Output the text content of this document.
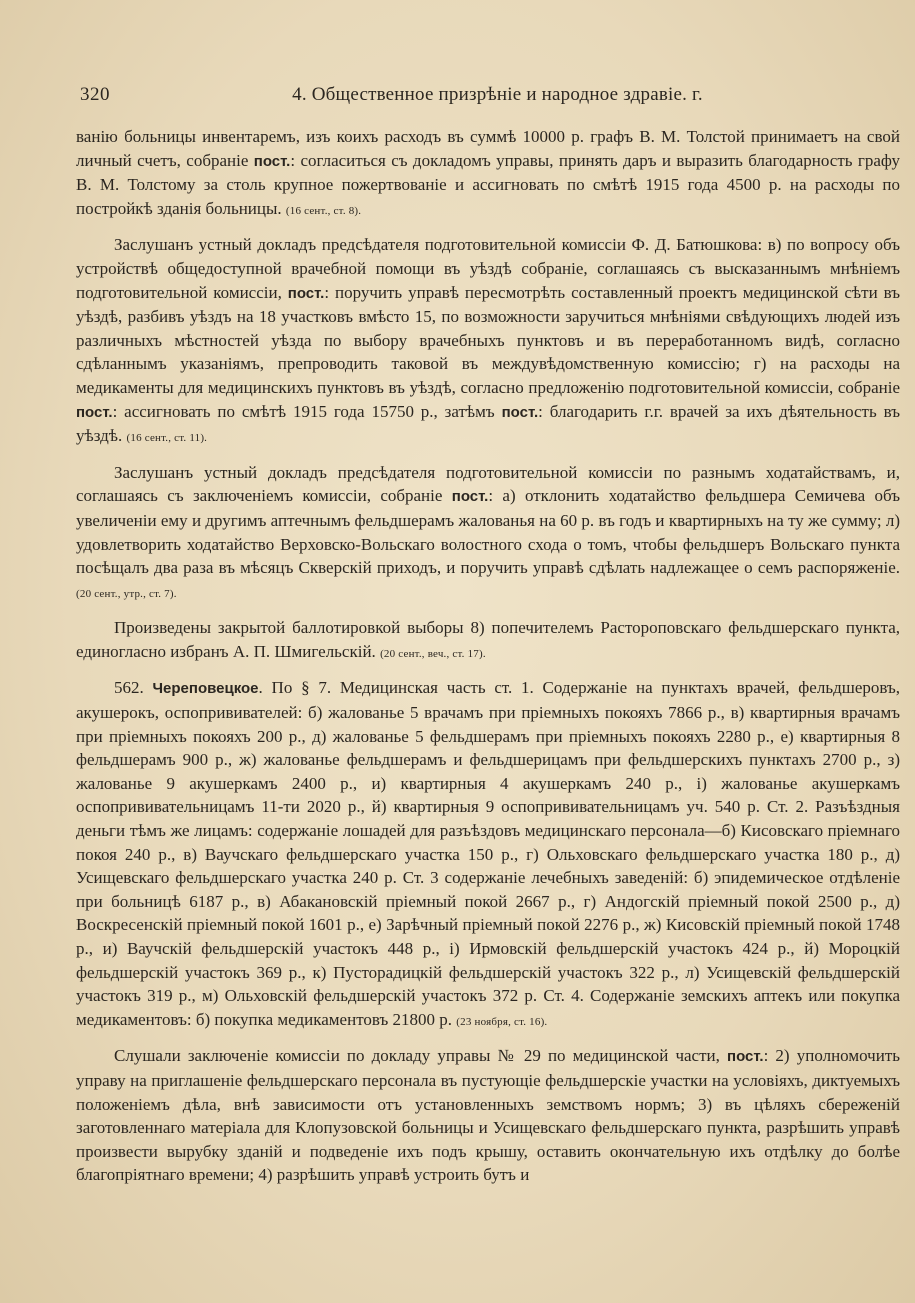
320	4. Общественное призрѣніе и народное здравіе. г.

ванію больницы инвентаремъ, изъ коихъ расходъ въ суммѣ 10000 р. графъ В. М. Толстой принимаетъ на свой личный счетъ, собраніе пост.: согласиться съ докладомъ управы, принять даръ и выразить благодарность графу В. М. Толстому за столь крупное пожертвованіе и ассигновать по смѣтѣ 1915 года 4500 р. на расходы по постройкѣ зданія больницы. (16 сент., ст. 8).

Заслушанъ устный докладъ предсѣдателя подготовительной комиссіи Ф. Д. Батюшкова: в) по вопросу объ устройствѣ общедоступной врачебной помощи въ уѣздѣ собраніе, соглашаясь съ высказаннымъ мнѣніемъ подготовительной комиссіи, пост.: поручить управѣ пересмотрѣть составленный проектъ медицинской сѣти въ уѣздѣ, разбивъ уѣздъ на 18 участковъ вмѣсто 15, по возможности заручиться мнѣніями свѣдующихъ людей изъ различныхъ мѣстностей уѣзда по выбору врачебныхъ пунктовъ и въ переработанномъ видѣ, согласно сдѣланнымъ указаніямъ, препроводить таковой въ междувѣдомственную комиссію; г) на расходы на медикаменты для медицинскихъ пунктовъ въ уѣздѣ, согласно предложенію подготовительной комиссіи, собраніе пост.: ассигновать по смѣтѣ 1915 года 15750 р., затѣмъ пост.: благодарить г.г. врачей за ихъ дѣятельность въ уѣздѣ. (16 сент., ст. 11).

Заслушанъ устный докладъ предсѣдателя подготовительной комиссіи по разнымъ ходатайствамъ, и, соглашаясь съ заключеніемъ комиссіи, собраніе пост.: а) отклонить ходатайство фельдшера Семичева объ увеличеніи ему и другимъ аптечнымъ фельдшерамъ жалованья на 60 р. въ годъ и квартирныхъ на ту же сумму; л) удовлетворить ходатайство Верховско-Вольскаго волостного схода о томъ, чтобы фельдшеръ Вольскаго пункта посѣщалъ два раза въ мѣсяцъ Скверскій приходъ, и поручить управѣ сдѣлать надлежащее о семъ распоряженіе. (20 сент., утр., ст. 7).

Произведены закрытой баллотировкой выборы 8) попечителемъ Растороповскаго фельдшерскаго пункта, единогласно избранъ А. П. Шмигельскій. (20 сент., веч., ст. 17).

562. Череповецкое. По § 7. Медицинская часть ст. 1. Содержаніе на пунктахъ врачей, фельдшеровъ, акушерокъ, оспопрививателей: б) жалованье 5 врачамъ при пріемныхъ покояхъ 7866 р., в) квартирныя врачамъ при пріемныхъ покояхъ 200 р., д) жалованье 5 фельдшерамъ при пріемныхъ покояхъ 2280 р., е) квартирныя 8 фельдшерамъ 900 р., ж) жалованье фельдшерамъ и фельдшерицамъ при фельдшерскихъ пунктахъ 2700 р., з) жалованье 9 акушеркамъ 2400 р., и) квартирныя 4 акушеркамъ 240 р., і) жалованье акушеркамъ оспопрививательницамъ 11-ти 2020 р., й) квартирныя 9 оспопрививательницамъ уч. 540 р. Ст. 2. Разъѣздныя деньги тѣмъ же лицамъ: содержаніе лошадей для разъѣздовъ медицинскаго персонала—б) Кисовскаго пріемнаго покоя 240 р., в) Ваучскаго фельдшерскаго участка 150 р., г) Ольховскаго фельдшерскаго участка 180 р., д) Усищевскаго фельдшерскаго участка 240 р. Ст. 3 содержаніе лечебныхъ заведеній: б) эпидемическое отдѣленіе при больницѣ 6187 р., в) Абакановскій пріемный покой 2667 р., г) Андогскій пріемный покой 2500 р., д) Воскресенскій пріемный покой 1601 р., е) Зарѣчный пріемный покой 2276 р., ж) Кисовскій пріемный покой 1748 р., и) Ваучскій фельдшерскій участокъ 448 р., і) Ирмовскій фельдшерскій участокъ 424 р., й) Мороцкій фельдшерскій участокъ 369 р., к) Пусторадицкій фельдшерскій участокъ 322 р., л) Усищевскій фельдшерскій участокъ 319 р., м) Ольховскій фельдшерскій участокъ 372 р. Ст. 4. Содержаніе земскихъ аптекъ или покупка медикаментовъ: б) покупка медикаментовъ 21800 р. (23 ноября, ст. 16).

Слушали заключеніе комиссіи по докладу управы № 29 по медицинской части, пост.: 2) уполномочить управу на приглашеніе фельдшерскаго персонала въ пустующіе фельдшерскіе участки на условіяхъ, диктуемыхъ положеніемъ дѣла, внѣ зависимости отъ установленныхъ земствомъ нормъ; 3) въ цѣляхъ сбереженій заготовленнаго матеріала для Клопузовской больницы и Усищевскаго фельдшерскаго пункта, разрѣшить управѣ произвести вырубку зданій и подведеніе ихъ подъ крышу, оставить окончательную ихъ отдѣлку до болѣе благопріятнаго времени; 4) разрѣшить управѣ устроить бутъ и
